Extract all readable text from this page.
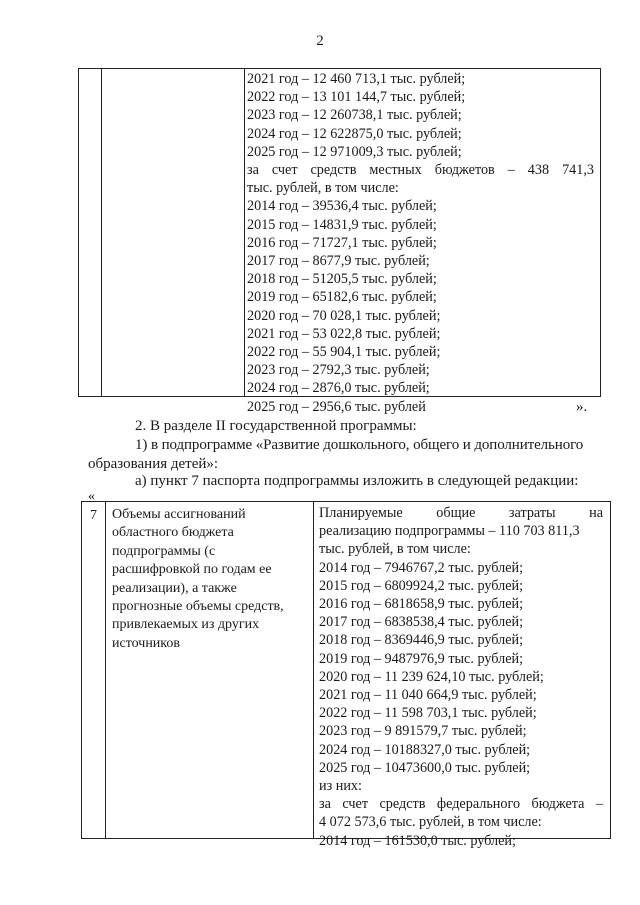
2
2021 год – 12 460 713,1 тыс. рублей;
2022 год – 13 101 144,7 тыс. рублей;
2023 год – 12 260738,1 тыс. рублей;
2024 год – 12 622875,0 тыс. рублей;
2025 год – 12 971009,3 тыс. рублей;
за счет средств местных бюджетов – 438 741,3
тыс. рублей, в том числе:
2014 год – 39536,4 тыс. рублей;
2015 год – 14831,9 тыс. рублей;
2016 год – 71727,1 тыс. рублей;
2017 год – 8677,9 тыс. рублей;
2018 год – 51205,5 тыс. рублей;
2019 год – 65182,6 тыс. рублей;
2020 год – 70 028,1 тыс. рублей;
2021 год – 53 022,8 тыс. рублей;
2022 год – 55 904,1 тыс. рублей;
2023 год – 2792,3 тыс. рублей;
2024 год – 2876,0 тыс. рублей;
2025 год – 2956,6 тыс. рублей	».
2. В разделе II государственной программы:
1) в подпрограмме «Развитие дошкольного, общего и дополнительного
образования детей»:
«
7 Объемы ассигнований
областного бюджета
подпрограммы (с
расшифровкой по годам ее
реализации), а также
прогнозные объемы средств,
привлекаемых из других
источников
Планируемые общие затраты на
реализацию подпрограммы – 110 703 811,3
тыс. рублей, в том числе:
2014 год – 7946767,2 тыс. рублей;
2015 год – 6809924,2 тыс. рублей;
2016 год – 6818658,9 тыс. рублей;
2017 год – 6838538,4 тыс. рублей;
2018 год – 8369446,9 тыс. рублей;
2019 год – 9487976,9 тыс. рублей;
2020 год – 11 239 624,10 тыс. рублей;
2021 год – 11 040 664,9 тыс. рублей;
2022 год – 11 598 703,1 тыс. рублей;
2023 год – 9 891579,7 тыс. рублей;
2024 год – 10188327,0 тыс. рублей;
2025 год – 10473600,0 тыс. рублей;
из них:
за счет средств федерального бюджета –
4 072 573,6 тыс. рублей, в том числе:
2014 год – 161530,0 тыс. рублей;
а) пункт 7 паспорта подпрограммы изложить в следующей редакции:
